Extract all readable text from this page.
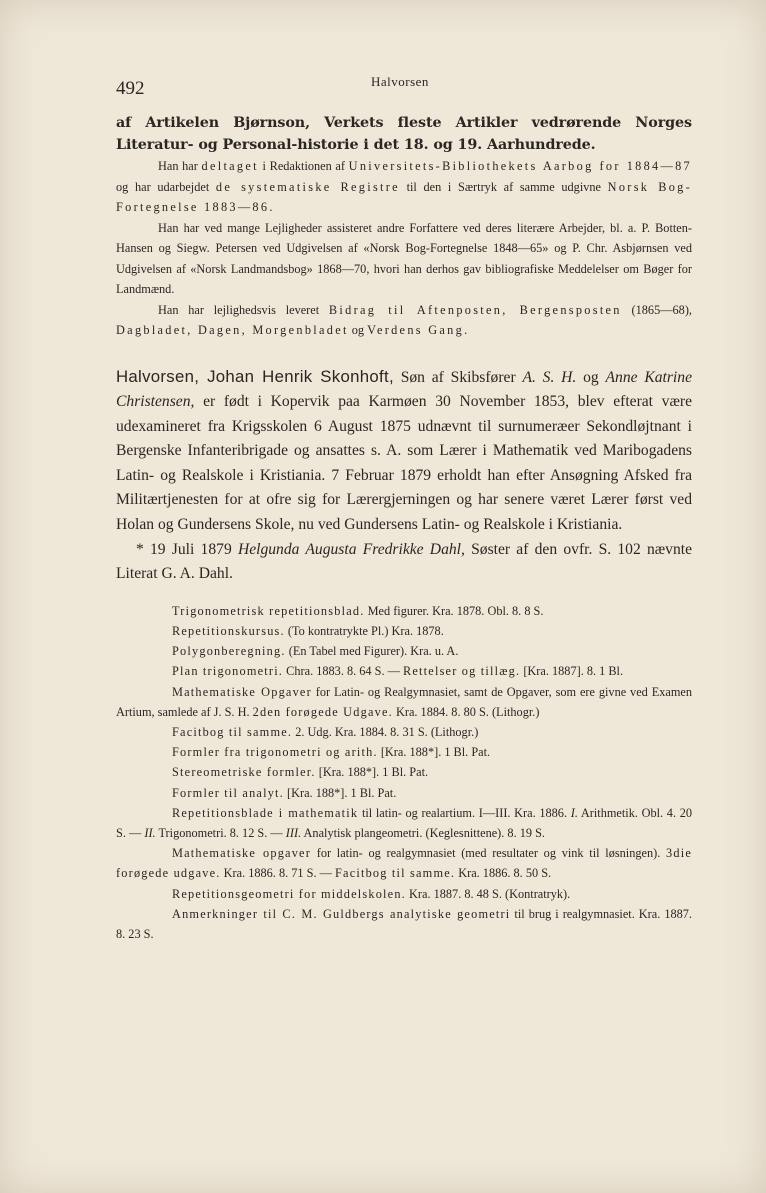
492	Halvorsen

af Artikelen Bjørnson, Verkets fleste Artikler vedrørende Norges Literatur- og Personal-historie i det 18. og 19. Aarhundrede.

Han har deltaget i Redaktionen af Universitets-Bibliothekets Aarbog for 1884—87 og har udarbejdet de systematiske Registre til den i Særtryk af samme udgivne Norsk Bog-Fortegnelse 1883—86.

Han har ved mange Lejligheder assisteret andre Forfattere ved deres literære Arbejder, bl. a. P. Botten-Hansen og Siegw. Petersen ved Udgivelsen af «Norsk Bog-Fortegnelse 1848—65» og P. Chr. Asbjørnsen ved Udgivelsen af «Norsk Landmandsbog» 1868—70, hvori han derhos gav bibliografiske Meddelelser om Bøger for Landmænd.

Han har lejlighedsvis leveret Bidrag til Aftenposten, Bergensposten (1865—68), Dagbladet, Dagen, Morgenbladet og Verdens Gang.

Halvorsen, Johan Henrik Skonhoft, Søn af Skibsfører A. S. H. og Anne Katrine Christensen, er født i Kopervik paa Karmøen 30 November 1853, blev efterat være udexamineret fra Krigsskolen 6 August 1875 udnævnt til surnumeræer Sekondløjtnant i Bergenske Infanteribrigade og ansattes s. A. som Lærer i Mathematik ved Maribogadens Latin- og Realskole i Kristiania. 7 Februar 1879 erholdt han efter Ansøgning Afsked fra Militærtjenesten for at ofre sig for Lærergjerningen og har senere været Lærer først ved Holan og Gundersens Skole, nu ved Gundersens Latin- og Realskole i Kristiania.

* 19 Juli 1879 Helgunda Augusta Fredrikke Dahl, Søster af den ovfr. S. 102 nævnte Literat G. A. Dahl.

Trigonometrisk repetitionsblad. Med figurer. Kra. 1878. Obl. 8. 8 S.

Repetitionskursus. (To kontratrykte Pl.) Kra. 1878.

Polygonberegning. (En Tabel med Figurer). Kra. u. A.

Plan trigonometri. Chra. 1883. 8. 64 S. — Rettelser og tillæg. [Kra. 1887]. 8. 1 Bl.

Mathematiske Opgaver for Latin- og Realgymnasiet, samt de Opgaver, som ere givne ved Examen Artium, samlede af J. S. H. 2den forøgede Udgave. Kra. 1884. 8. 80 S. (Lithogr.)

Facitbog til samme. 2. Udg. Kra. 1884. 8. 31 S. (Lithogr.)

Formler fra trigonometri og arith. [Kra. 188*]. 1 Bl. Pat.

Stereometriske formler. [Kra. 188*]. 1 Bl. Pat.

Formler til analyt. [Kra. 188*]. 1 Bl. Pat.

Repetitionsblade i mathematik til latin- og realartium. I—III. Kra. 1886. I. Arithmetik. Obl. 4. 20 S. — II. Trigonometri. 8. 12 S. — III. Analytisk plangeometri. (Keglesnittene). 8. 19 S.

Mathematiske opgaver for latin- og realgymnasiet (med resultater og vink til løsningen). 3die forøgede udgave. Kra. 1886. 8. 71 S. — Facitbog til samme. Kra. 1886. 8. 50 S.

Repetitionsgeometri for middelskolen. Kra. 1887. 8. 48 S. (Kontratryk).

Anmerkninger til C. M. Guldbergs analytiske geometri til brug i realgymnasiet. Kra. 1887. 8. 23 S.
